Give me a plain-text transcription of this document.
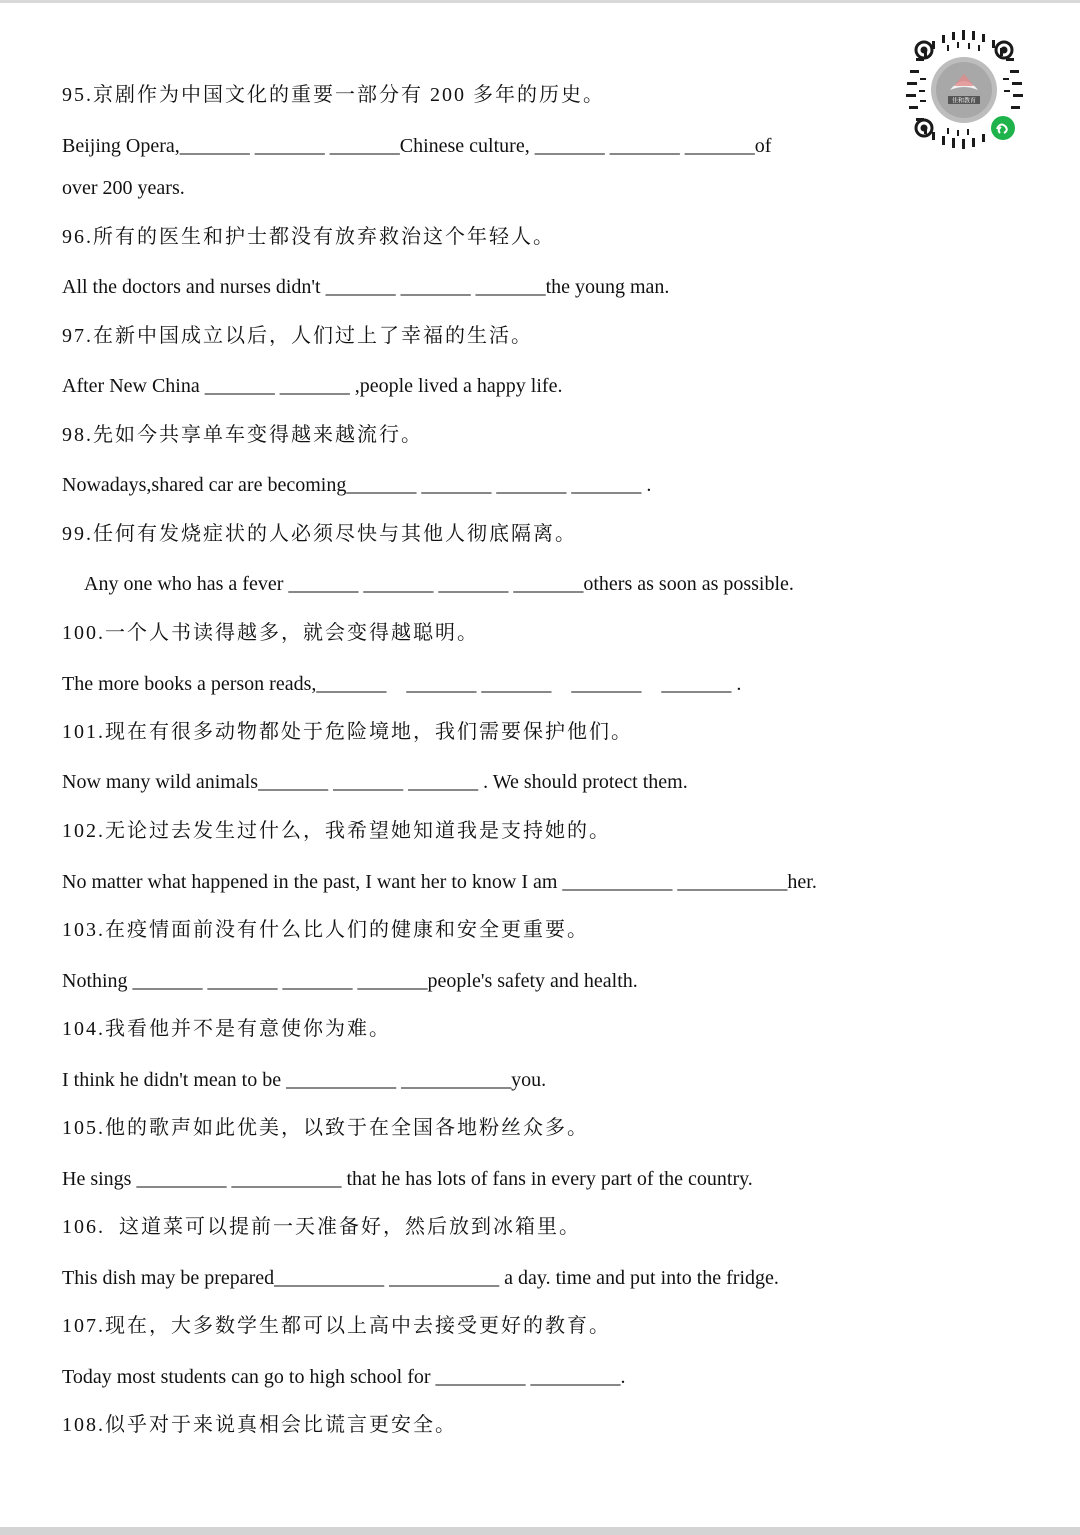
佳和教育
95.京剧作为中国文化的重要一部分有 200 多年的历史。
Beijing Opera,_______ _______ _______Chinese culture, _______ _______ _______of
over 200 years.
96.所有的医生和护士都没有放弃救治这个年轻人。
All the doctors and nurses didn't _______ _______ _______the young man.
97.在新中国成立以后，人们过上了幸福的生活。
After New China _______ _______ ,people lived a happy life.
98.先如今共享单车变得越来越流行。
Nowadays,shared car are becoming_______ _______ _______ _______ .
99.任何有发烧症状的人必须尽快与其他人彻底隔离。
Any one who has a fever _______ _______ _______ _______others as soon as possible.
100.一个人书读得越多，就会变得越聪明。
The more books a person reads,_______    _______ _______    _______    _______ .
101.现在有很多动物都处于危险境地，我们需要保护他们。
Now many wild animals_______ _______ _______ . We should protect them.
102.无论过去发生过什么，我希望她知道我是支持她的。
No matter what happened in the past, I want her to know I am ___________ ___________her.
103.在疫情面前没有什么比人们的健康和安全更重要。
Nothing _______ _______ _______ _______people's safety and health.
104.我看他并不是有意使你为难。
I think he didn't mean to be ___________ ___________you.
105.他的歌声如此优美，以致于在全国各地粉丝众多。
He sings _________ ___________ that he has lots of fans in every part of the country.
106.  这道菜可以提前一天准备好，然后放到冰箱里。
This dish may be prepared___________ ___________ a day. time and put into the fridge.
107.现在，大多数学生都可以上高中去接受更好的教育。
Today most students can go to high school for _________ _________.
108.似乎对于来说真相会比谎言更安全。
